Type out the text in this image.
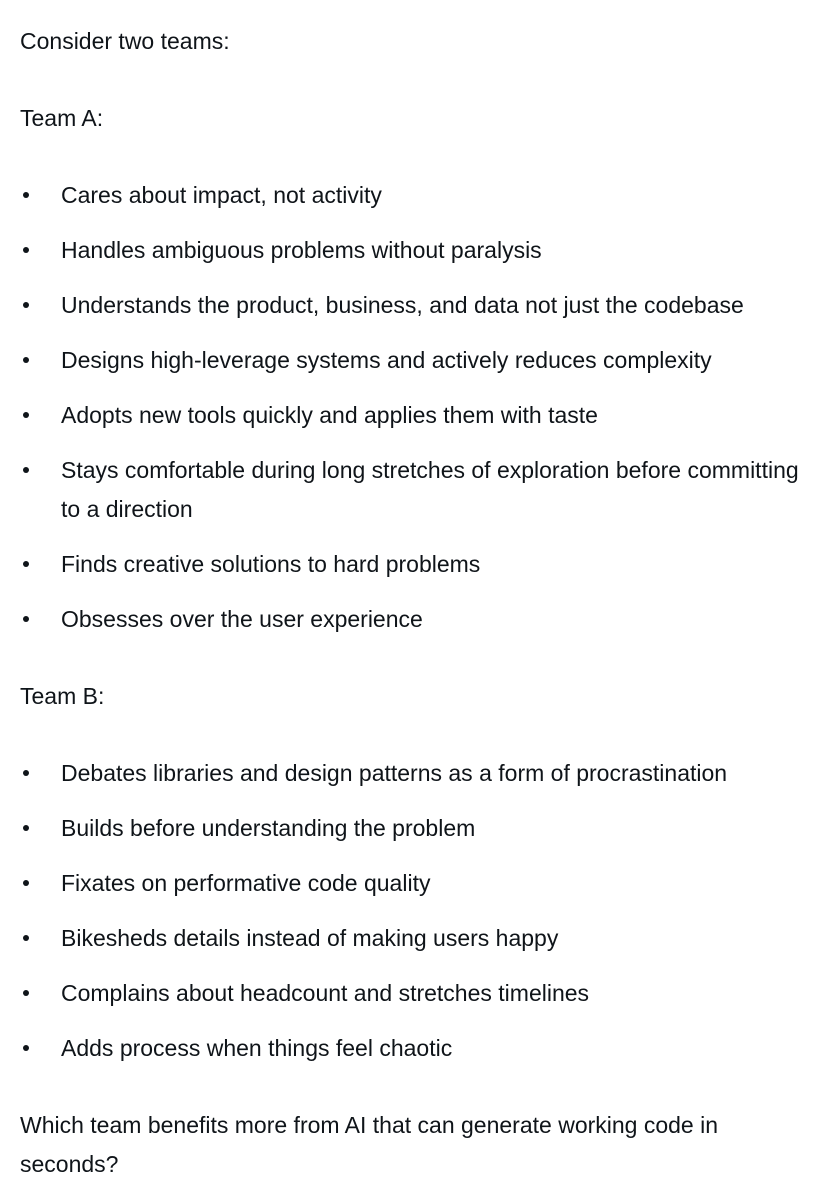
Consider two teams:

Team A:

Cares about impact, not activity
Handles ambiguous problems without paralysis
Understands the product, business, and data not just the codebase
Designs high-leverage systems and actively reduces complexity
Adopts new tools quickly and applies them with taste
Stays comfortable during long stretches of exploration before committing to a direction
Finds creative solutions to hard problems
Obsesses over the user experience

Team B:

Debates libraries and design patterns as a form of procrastination
Builds before understanding the problem
Fixates on performative code quality
Bikesheds details instead of making users happy
Complains about headcount and stretches timelines
Adds process when things feel chaotic

Which team benefits more from AI that can generate working code in seconds?
